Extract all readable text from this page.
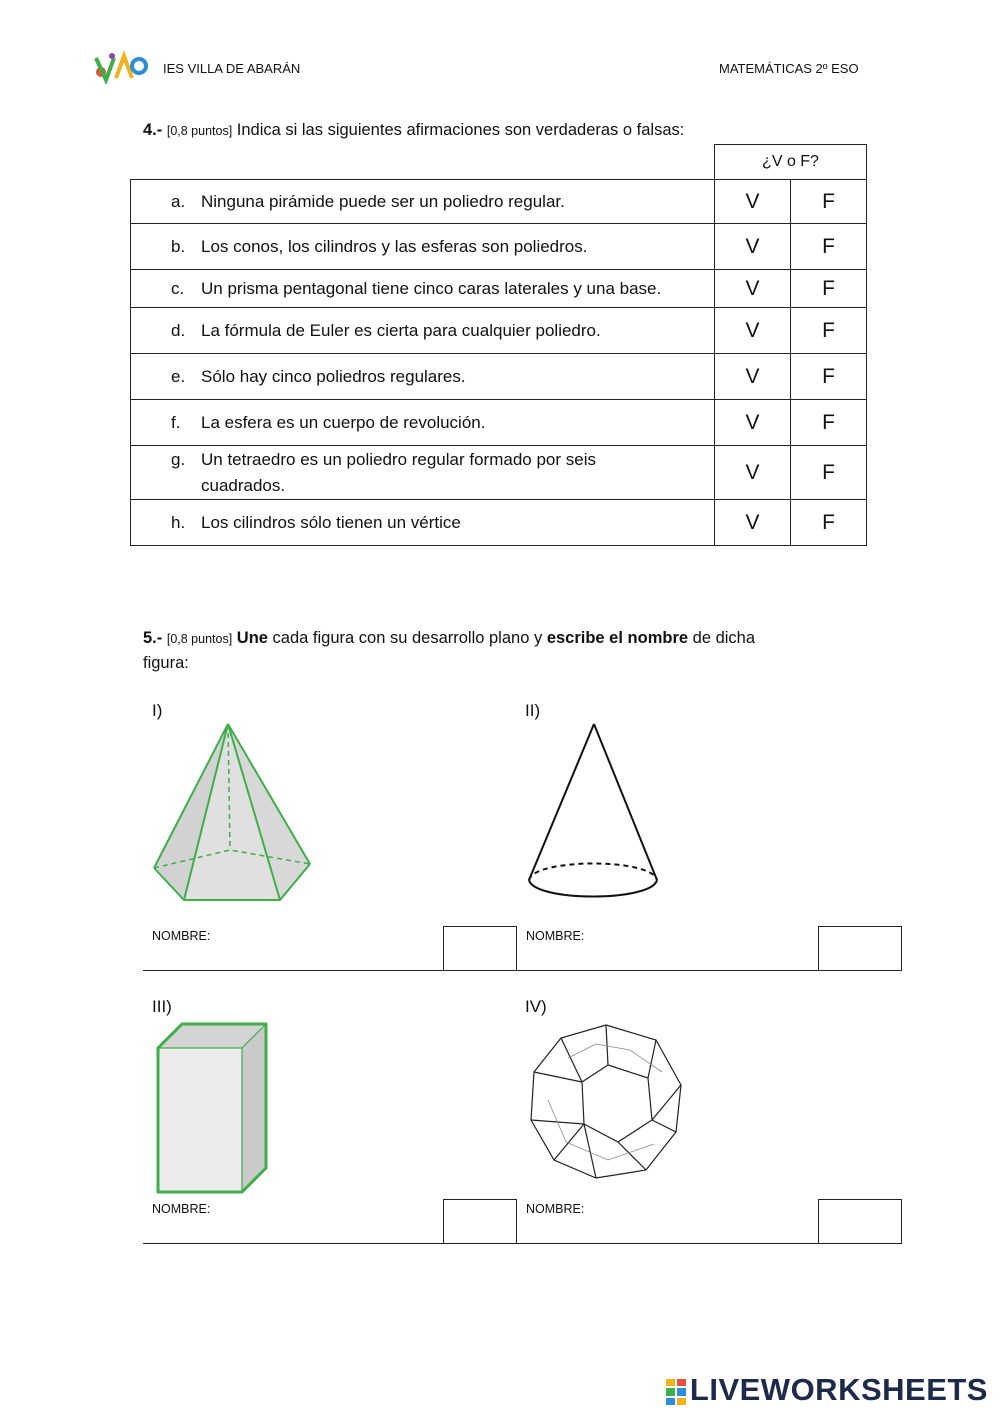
IES VILLA DE ABARÁN	MATEMÁTICAS 2º ESO
4.- [0,8 puntos] Indica si las siguientes afirmaciones son verdaderas o falsas:
	¿V o F?	

a. Ninguna pirámide puede ser un poliedro regular.	V	F

b. Los conos, los cilindros y las esferas son poliedros.	V	F

c. Un prisma pentagonal tiene cinco caras laterales y una base.	V	F

d. La fórmula de Euler es cierta para cualquier poliedro.	V	F

e. Sólo hay cinco poliedros regulares.	V	F

f. La esfera es un cuerpo de revolución.	V	F

g. Un tetraedro es un poliedro regular formado por seis cuadrados.	V	F

h. Los cilindros sólo tienen un vértice	V	F
5.- [0,8 puntos] Une cada figura con su desarrollo plano y escribe el nombre de dicha
figura:
I)	II)
III)	IV)
NOMBRE:	NOMBRE:
NOMBRE:	NOMBRE:
LIVEWORKSHEETS
